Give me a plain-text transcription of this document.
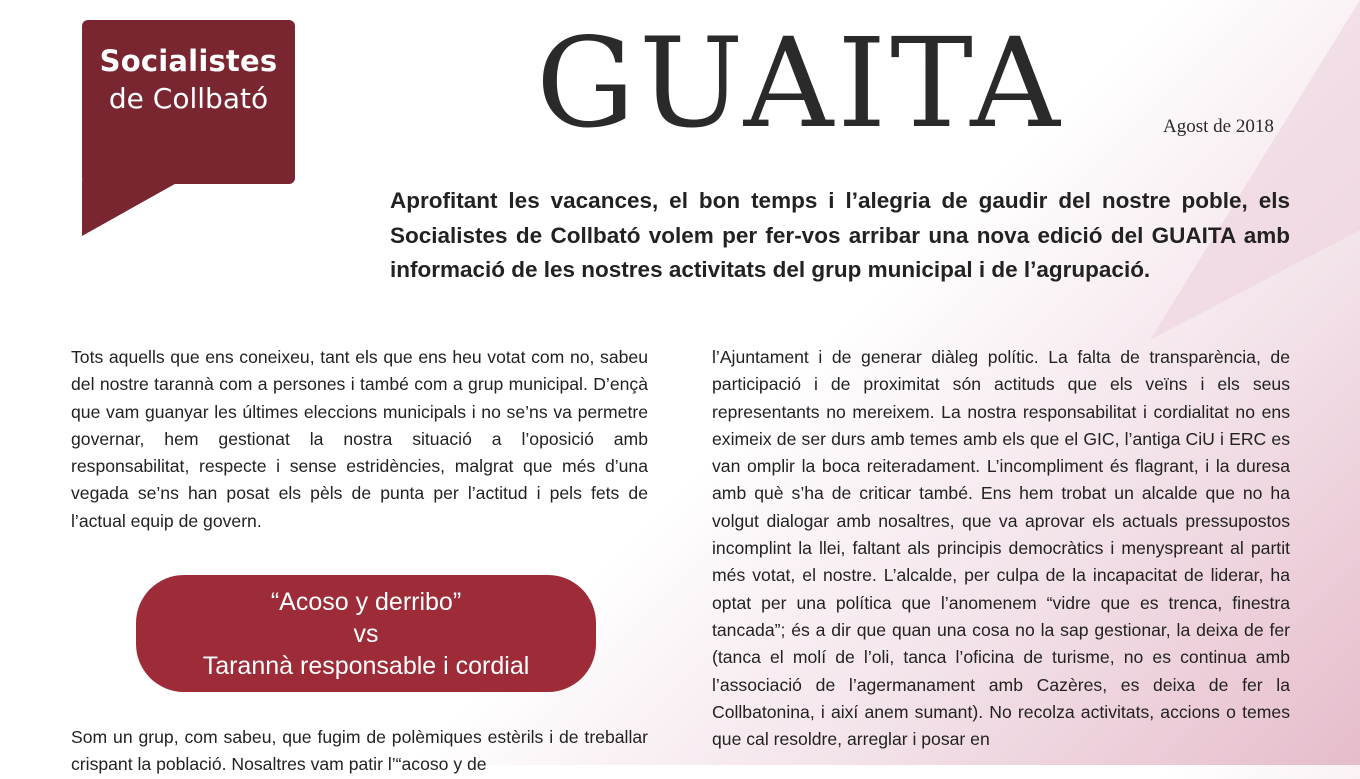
Socialistes
de Collbató GUAITA	Agost de 2018
Aprofitant les vacances, el bon temps i l’alegria de gaudir del nostre poble, els Socialistes de Collbató volem per fer-vos arribar una nova edició del GUAITA amb informació de les nostres activitats del grup municipal i de l’agrupació.
Tots aquells que ens coneixeu, tant els que ens heu votat com no, sabeu del nostre tarannà com a persones i també com a grup municipal. D’ençà que vam guanyar les últimes eleccions municipals i no se’ns va permetre governar, hem gestionat la nostra situació a l’oposició amb responsabilitat, respecte i sense estridències, malgrat que més d’una vegada se’ns han posat els pèls de punta per l’actitud i pels fets de l’actual equip de govern.
“Acoso y derribo”
vs
Tarannà responsable i cordial
Som un grup, com sabeu, que fugim de polèmiques estèrils i de treballar crispant la població. Nosaltres vam patir l’“acoso y de
l’Ajuntament i de generar diàleg polític. La falta de transparència, de participació i de proximitat són actituds que els veïns i els seus representants no mereixem. La nostra responsabilitat i cordialitat no ens eximeix de ser durs amb temes amb els que el GIC, l’antiga CiU i ERC es van omplir la boca reiteradament. L’incompliment és flagrant, i la duresa amb què s’ha de criticar també. Ens hem trobat un alcalde que no ha volgut dialogar amb nosaltres, que va aprovar els actuals pressupostos incomplint la llei, faltant als principis democràtics i menyspreant al partit més votat, el nostre. L’alcalde, per culpa de la incapacitat de liderar, ha optat per una política que l’anomenem “vidre que es trenca, finestra tancada”; és a dir que quan una cosa no la sap gestionar, la deixa de fer (tanca el molí de l’oli, tanca l’oficina de turisme, no es continua amb l’associació de l’agermanament amb Cazères, es deixa de fer la Collbatonina, i així anem sumant). No recolza activitats, accions o temes que cal resoldre, arreglar i posar en
